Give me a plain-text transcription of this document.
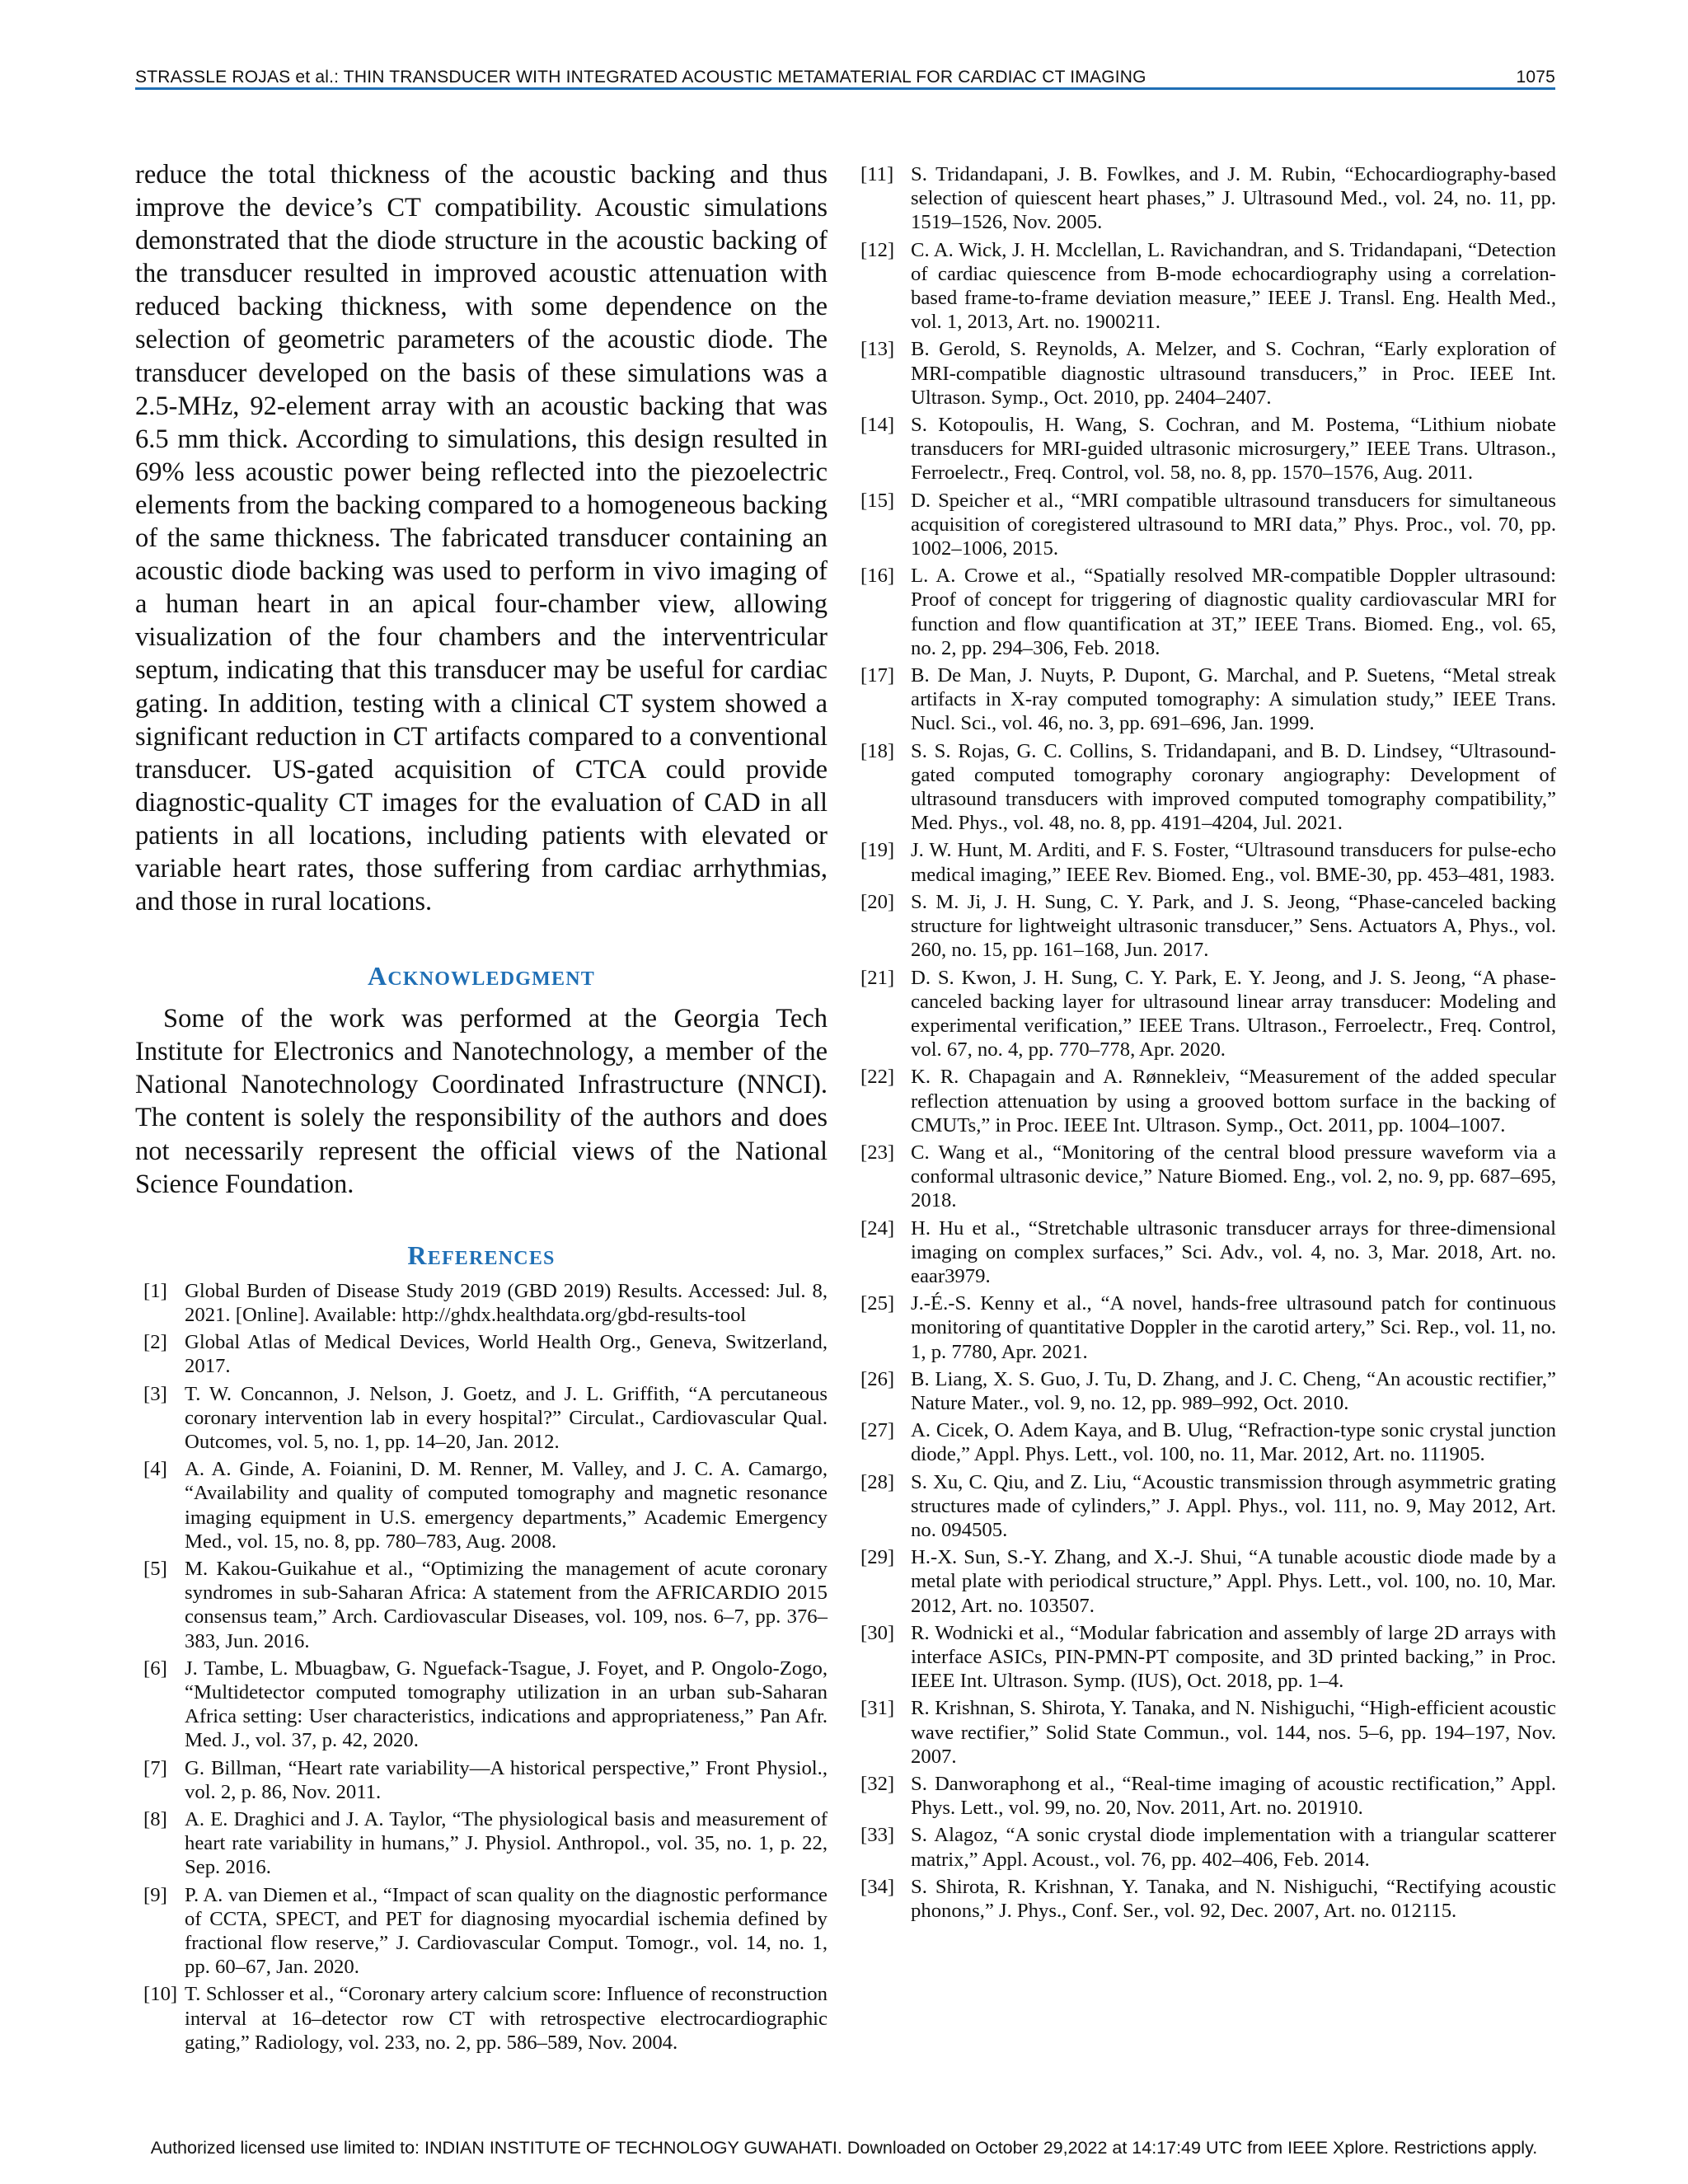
STRASSLE ROJAS et al.: THIN TRANSDUCER WITH INTEGRATED ACOUSTIC METAMATERIAL FOR CARDIAC CT IMAGING	1075

reduce the total thickness of the acoustic backing and thus improve the device’s CT compatibility. Acoustic simulations demonstrated that the diode structure in the acoustic backing of the transducer resulted in improved acoustic attenuation with reduced backing thickness, with some dependence on the selection of geometric parameters of the acoustic diode. The transducer developed on the basis of these simulations was a 2.5-MHz, 92-element array with an acoustic backing that was 6.5 mm thick. According to simulations, this design resulted in 69% less acoustic power being reflected into the piezoelectric elements from the backing compared to a homogeneous backing of the same thickness. The fabricated transducer containing an acoustic diode backing was used to perform in vivo imaging of a human heart in an apical four-chamber view, allowing visualization of the four chambers and the interventricular septum, indicating that this transducer may be useful for cardiac gating. In addition, testing with a clinical CT system showed a significant reduction in CT artifacts compared to a conventional transducer. US-gated acquisition of CTCA could provide diagnostic-quality CT images for the evaluation of CAD in all patients in all locations, including patients with elevated or variable heart rates, those suffering from cardiac arrhythmias, and those in rural locations.

ACKNOWLEDGMENT

Some of the work was performed at the Georgia Tech Institute for Electronics and Nanotechnology, a member of the National Nanotechnology Coordinated Infrastructure (NNCI). The content is solely the responsibility of the authors and does not necessarily represent the official views of the National Science Foundation.

REFERENCES
[1] Global Burden of Disease Study 2019 (GBD 2019) Results. Accessed: Jul. 8, 2021. [Online]. Available: http://ghdx.healthdata.org/gbd-results-tool
[2] Global Atlas of Medical Devices, World Health Org., Geneva, Switzerland, 2017.
[3] T. W. Concannon, J. Nelson, J. Goetz, and J. L. Griffith, “A percutaneous coronary intervention lab in every hospital?” Circulat., Cardiovascular Qual. Outcomes, vol. 5, no. 1, pp. 14–20, Jan. 2012.
[4] A. A. Ginde, A. Foianini, D. M. Renner, M. Valley, and J. C. A. Camargo, “Availability and quality of computed tomography and magnetic resonance imaging equipment in U.S. emergency departments,” Academic Emergency Med., vol. 15, no. 8, pp. 780–783, Aug. 2008.
[5] M. Kakou-Guikahue et al., “Optimizing the management of acute coronary syndromes in sub-Saharan Africa: A statement from the AFRICARDIO 2015 consensus team,” Arch. Cardiovascular Diseases, vol. 109, nos. 6–7, pp. 376–383, Jun. 2016.
[6] J. Tambe, L. Mbuagbaw, G. Nguefack-Tsague, J. Foyet, and P. Ongolo-Zogo, “Multidetector computed tomography utilization in an urban sub-Saharan Africa setting: User characteristics, indications and appropriateness,” Pan Afr. Med. J., vol. 37, p. 42, 2020.
[7] G. Billman, “Heart rate variability—A historical perspective,” Front Physiol., vol. 2, p. 86, Nov. 2011.
[8] A. E. Draghici and J. A. Taylor, “The physiological basis and measurement of heart rate variability in humans,” J. Physiol. Anthropol., vol. 35, no. 1, p. 22, Sep. 2016.
[9] P. A. van Diemen et al., “Impact of scan quality on the diagnostic performance of CCTA, SPECT, and PET for diagnosing myocardial ischemia defined by fractional flow reserve,” J. Cardiovascular Comput. Tomogr., vol. 14, no. 1, pp. 60–67, Jan. 2020.
[10] T. Schlosser et al., “Coronary artery calcium score: Influence of reconstruction interval at 16–detector row CT with retrospective electrocardiographic gating,” Radiology, vol. 233, no. 2, pp. 586–589, Nov. 2004.
[11] S. Tridandapani, J. B. Fowlkes, and J. M. Rubin, “Echocardiography-based selection of quiescent heart phases,” J. Ultrasound Med., vol. 24, no. 11, pp. 1519–1526, Nov. 2005.
[12] C. A. Wick, J. H. Mcclellan, L. Ravichandran, and S. Tridandapani, “Detection of cardiac quiescence from B-mode echocardiography using a correlation-based frame-to-frame deviation measure,” IEEE J. Transl. Eng. Health Med., vol. 1, 2013, Art. no. 1900211.
[13] B. Gerold, S. Reynolds, A. Melzer, and S. Cochran, “Early exploration of MRI-compatible diagnostic ultrasound transducers,” in Proc. IEEE Int. Ultrason. Symp., Oct. 2010, pp. 2404–2407.
[14] S. Kotopoulis, H. Wang, S. Cochran, and M. Postema, “Lithium niobate transducers for MRI-guided ultrasonic microsurgery,” IEEE Trans. Ultrason., Ferroelectr., Freq. Control, vol. 58, no. 8, pp. 1570–1576, Aug. 2011.
[15] D. Speicher et al., “MRI compatible ultrasound transducers for simultaneous acquisition of coregistered ultrasound to MRI data,” Phys. Proc., vol. 70, pp. 1002–1006, 2015.
[16] L. A. Crowe et al., “Spatially resolved MR-compatible Doppler ultrasound: Proof of concept for triggering of diagnostic quality cardiovascular MRI for function and flow quantification at 3T,” IEEE Trans. Biomed. Eng., vol. 65, no. 2, pp. 294–306, Feb. 2018.
[17] B. De Man, J. Nuyts, P. Dupont, G. Marchal, and P. Suetens, “Metal streak artifacts in X-ray computed tomography: A simulation study,” IEEE Trans. Nucl. Sci., vol. 46, no. 3, pp. 691–696, Jan. 1999.
[18] S. S. Rojas, G. C. Collins, S. Tridandapani, and B. D. Lindsey, “Ultrasound-gated computed tomography coronary angiography: Development of ultrasound transducers with improved computed tomography compatibility,” Med. Phys., vol. 48, no. 8, pp. 4191–4204, Jul. 2021.
[19] J. W. Hunt, M. Arditi, and F. S. Foster, “Ultrasound transducers for pulse-echo medical imaging,” IEEE Rev. Biomed. Eng., vol. BME-30, pp. 453–481, 1983.
[20] S. M. Ji, J. H. Sung, C. Y. Park, and J. S. Jeong, “Phase-canceled backing structure for lightweight ultrasonic transducer,” Sens. Actuators A, Phys., vol. 260, no. 15, pp. 161–168, Jun. 2017.
[21] D. S. Kwon, J. H. Sung, C. Y. Park, E. Y. Jeong, and J. S. Jeong, “A phase-canceled backing layer for ultrasound linear array transducer: Modeling and experimental verification,” IEEE Trans. Ultrason., Ferroelectr., Freq. Control, vol. 67, no. 4, pp. 770–778, Apr. 2020.
[22] K. R. Chapagain and A. Rønnekleiv, “Measurement of the added specular reflection attenuation by using a grooved bottom surface in the backing of CMUTs,” in Proc. IEEE Int. Ultrason. Symp., Oct. 2011, pp. 1004–1007.
[23] C. Wang et al., “Monitoring of the central blood pressure waveform via a conformal ultrasonic device,” Nature Biomed. Eng., vol. 2, no. 9, pp. 687–695, 2018.
[24] H. Hu et al., “Stretchable ultrasonic transducer arrays for three-dimensional imaging on complex surfaces,” Sci. Adv., vol. 4, no. 3, Mar. 2018, Art. no. eaar3979.
[25] J.-É.-S. Kenny et al., “A novel, hands-free ultrasound patch for continuous monitoring of quantitative Doppler in the carotid artery,” Sci. Rep., vol. 11, no. 1, p. 7780, Apr. 2021.
[26] B. Liang, X. S. Guo, J. Tu, D. Zhang, and J. C. Cheng, “An acoustic rectifier,” Nature Mater., vol. 9, no. 12, pp. 989–992, Oct. 2010.
[27] A. Cicek, O. Adem Kaya, and B. Ulug, “Refraction-type sonic crystal junction diode,” Appl. Phys. Lett., vol. 100, no. 11, Mar. 2012, Art. no. 111905.
[28] S. Xu, C. Qiu, and Z. Liu, “Acoustic transmission through asymmetric grating structures made of cylinders,” J. Appl. Phys., vol. 111, no. 9, May 2012, Art. no. 094505.
[29] H.-X. Sun, S.-Y. Zhang, and X.-J. Shui, “A tunable acoustic diode made by a metal plate with periodical structure,” Appl. Phys. Lett., vol. 100, no. 10, Mar. 2012, Art. no. 103507.
[30] R. Wodnicki et al., “Modular fabrication and assembly of large 2D arrays with interface ASICs, PIN-PMN-PT composite, and 3D printed backing,” in Proc. IEEE Int. Ultrason. Symp. (IUS), Oct. 2018, pp. 1–4.
[31] R. Krishnan, S. Shirota, Y. Tanaka, and N. Nishiguchi, “High-efficient acoustic wave rectifier,” Solid State Commun., vol. 144, nos. 5–6, pp. 194–197, Nov. 2007.
[32] S. Danworaphong et al., “Real-time imaging of acoustic rectification,” Appl. Phys. Lett., vol. 99, no. 20, Nov. 2011, Art. no. 201910.
[33] S. Alagoz, “A sonic crystal diode implementation with a triangular scatterer matrix,” Appl. Acoust., vol. 76, pp. 402–406, Feb. 2014.
[34] S. Shirota, R. Krishnan, Y. Tanaka, and N. Nishiguchi, “Rectifying acoustic phonons,” J. Phys., Conf. Ser., vol. 92, Dec. 2007, Art. no. 012115.
Authorized licensed use limited to: INDIAN INSTITUTE OF TECHNOLOGY GUWAHATI. Downloaded on October 29,2022 at 14:17:49 UTC from IEEE Xplore. Restrictions apply.
